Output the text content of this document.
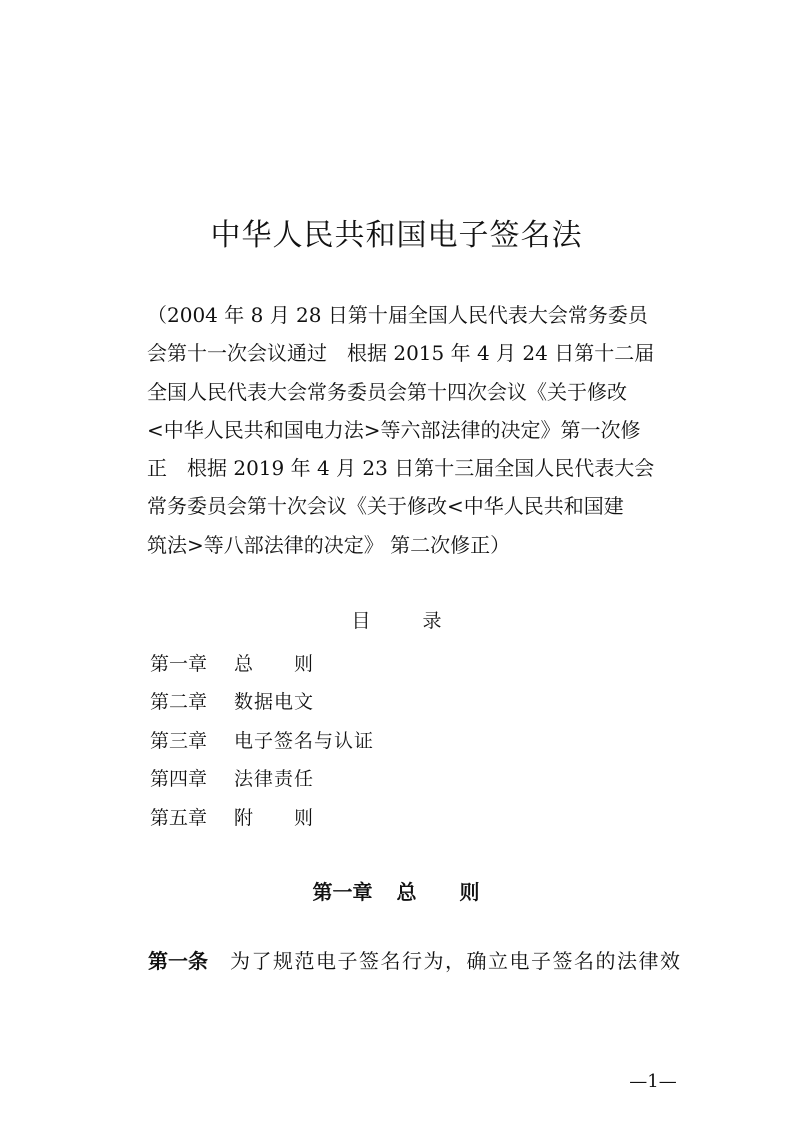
中华人民共和国电子签名法
（2004 年 8 月 28 日第十届全国人民代表大会常务委员
会第十一次会议通过　根据 2015 年 4 月 24 日第十二届
全国人民代表大会常务委员会第十四次会议《关于修改
<中华人民共和国电力法>等六部法律的决定》第一次修
正　根据 2019 年 4 月 23 日第十三届全国人民代表大会
常务委员会第十次会议《关于修改<中华人民共和国建
筑法>等八部法律的决定》 第二次修正）
目	录
第一章 总　　则
第二章 数据电文
第三章 电子签名与认证
第四章 法律责任
第五章 附　　则
第一章 总　　则

第一条 为了规范电子签名行为，确立电子签名的法律效

—1—
